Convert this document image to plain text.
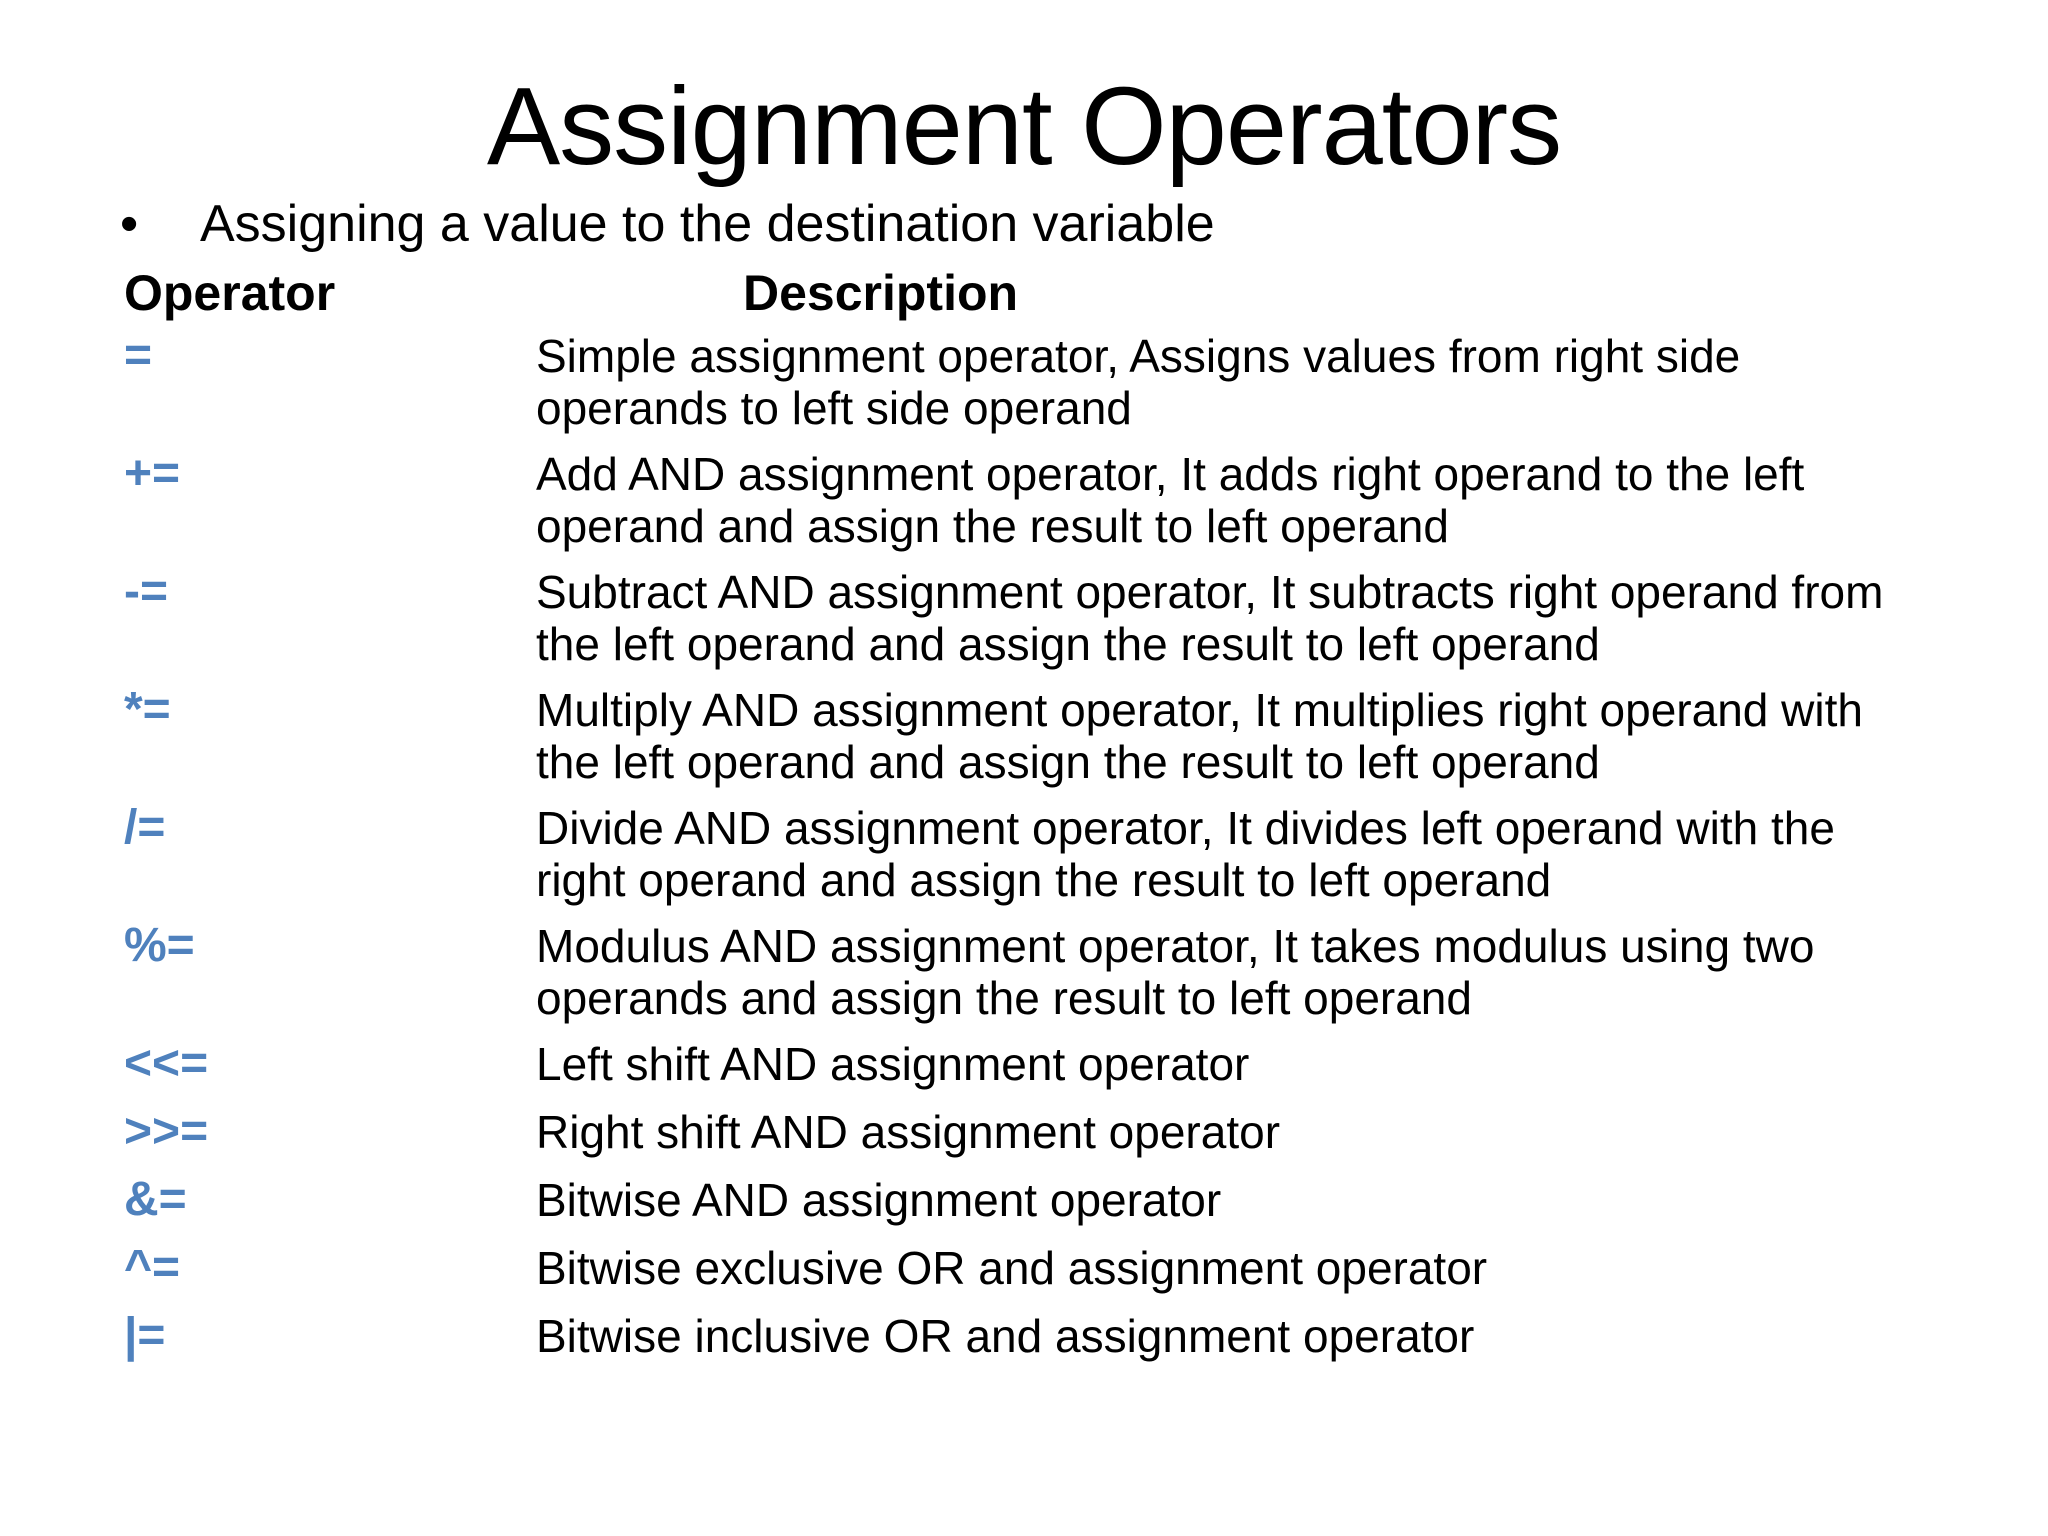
Assignment Operators
• Assigning a value to the destination variable
Operator	Description
=	Simple assignment operator, Assigns values from right side
operands to left side operand
+=	Add AND assignment operator, It adds right operand to the left
operand and assign the result to left operand
-=	Subtract AND assignment operator, It subtracts right operand from
the left operand and assign the result to left operand
*=	Multiply AND assignment operator, It multiplies right operand with
the left operand and assign the result to left operand
/=	Divide AND assignment operator, It divides left operand with the
right operand and assign the result to left operand
%=	Modulus AND assignment operator, It takes modulus using two
operands and assign the result to left operand
<<=	Left shift AND assignment operator
>>=	Right shift AND assignment operator
&=	Bitwise AND assignment operator
^=	Bitwise exclusive OR and assignment operator
|=	Bitwise inclusive OR and assignment operator
